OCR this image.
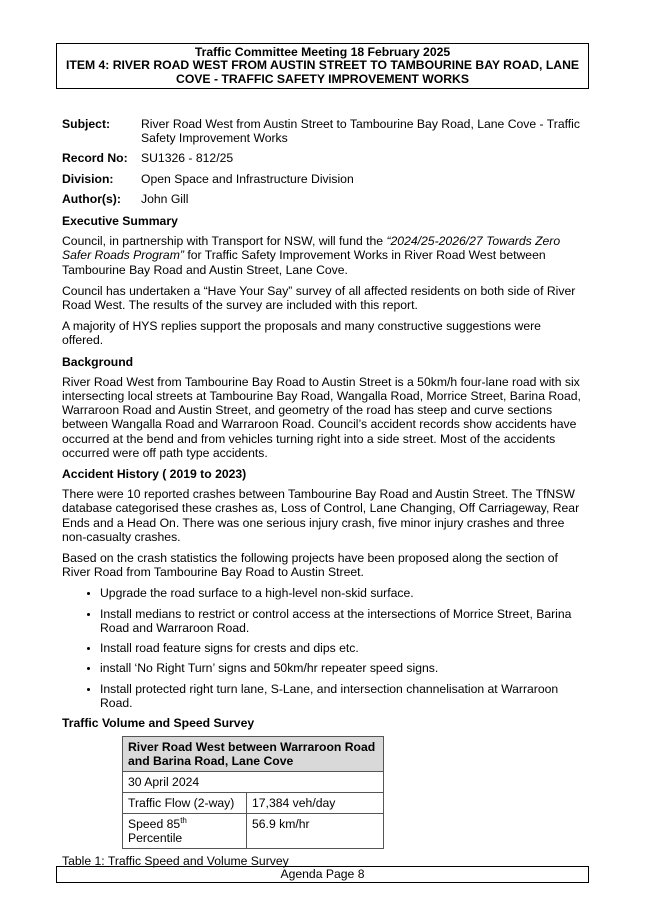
Traffic Committee Meeting 18 February 2025
ITEM 4: RIVER ROAD WEST FROM AUSTIN STREET TO TAMBOURINE BAY ROAD, LANE
COVE - TRAFFIC SAFETY IMPROVEMENT WORKS
Subject:	River Road West from Austin Street to Tambourine Bay Road, Lane Cove - Traffic Safety Improvement Works
Record No:	SU1326 - 812/25
Division:	Open Space and Infrastructure Division
Author(s):	John Gill
Executive Summary

Council, in partnership with Transport for NSW, will fund the “2024/25-2026/27 Towards Zero Safer Roads Program” for Traffic Safety Improvement Works in River Road West between Tambourine Bay Road and Austin Street, Lane Cove.

Council has undertaken a “Have Your Say” survey of all affected residents on both side of River Road West. The results of the survey are included with this report.

A majority of HYS replies support the proposals and many constructive suggestions were offered.

Background

River Road West from Tambourine Bay Road to Austin Street is a 50km/h four-lane road with six intersecting local streets at Tambourine Bay Road, Wangalla Road, Morrice Street, Barina Road, Warraroon Road and Austin Street, and geometry of the road has steep and curve sections between Wangalla Road and Warraroon Road. Council’s accident records show accidents have occurred at the bend and from vehicles turning right into a side street. Most of the accidents occurred were off path type accidents.

Accident History ( 2019 to 2023)

There were 10 reported crashes between Tambourine Bay Road and Austin Street. The TfNSW database categorised these crashes as, Loss of Control, Lane Changing, Off Carriageway, Rear Ends and a Head On. There was one serious injury crash, five minor injury crashes and three non-casualty crashes.

Based on the crash statistics the following projects have been proposed along the section of River Road from Tambourine Bay Road to Austin Street.

• Upgrade the road surface to a high-level non-skid surface.
• Install medians to restrict or control access at the intersections of Morrice Street, Barina Road and Warraroon Road.
• Install road feature signs for crests and dips etc.
• install ‘No Right Turn’ signs and 50km/hr repeater speed signs.
• Install protected right turn lane, S-Lane, and intersection channelisation at Warraroon Road.
Traffic Volume and Speed Survey
River Road West between Warraroon Road and Barina Road, Lane Cove	
30 April 2024	
Traffic Flow (2-way)	17,384 veh/day
Speed 85th
Percentile	56.9 km/hr
Table 1: Traffic Speed and Volume Survey
Agenda Page 8
